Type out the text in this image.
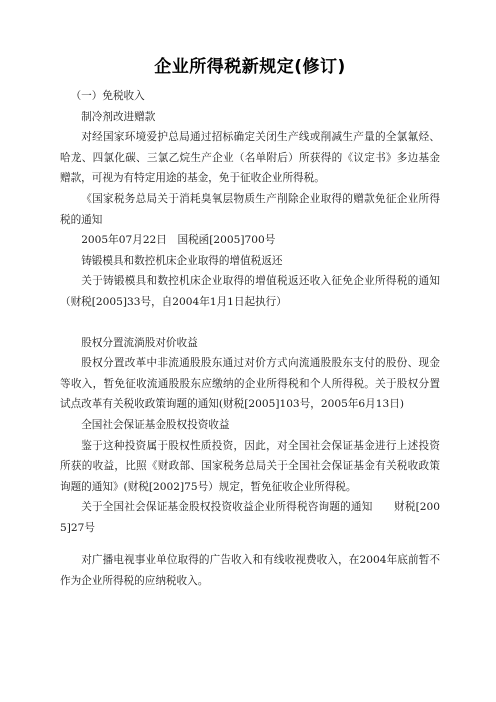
企业所得税新规定(修订)

（一）免税收入

制冷剂改进赠款

对经国家环境爱护总局通过招标确定关闭生产线或削减生产量的全氯氟烃、哈龙、四氯化碳、三氯乙烷生产企业（名单附后）所获得的《议定书》多边基金赠款，可视为有特定用途的基金，免于征收企业所得税。

《国家税务总局关于消耗臭氧层物质生产削除企业取得的赠款免征企业所得税的通知

2005年07月22日　国税函[2005]700号

铸锻模具和数控机床企业取得的增值税返还

关于铸锻模具和数控机床企业取得的增值税返还收入征免企业所得税的通知（财税[2005]33号，自2004年1月1日起执行）

股权分置流淌股对价收益

股权分置改革中非流通股股东通过对价方式向流通股股东支付的股份、现金等收入，暂免征收流通股股东应缴纳的企业所得税和个人所得税。关于股权分置试点改革有关税收政策询题的通知(财税[2005]103号，2005年6月13日)

全国社会保证基金股权投资收益

鉴于这种投资属于股权性质投资，因此，对全国社会保证基金进行上述投资所获的收益，比照《财政部、国家税务总局关于全国社会保证基金有关税收政策询题的通知》(财税[2002]75号）规定，暂免征收企业所得税。

关于全国社会保证基金股权投资收益企业所得税咨询题的通知　　财税[2005]27号

对广播电视事业单位取得的广告收入和有线收视费收入，在2004年底前暂不作为企业所得税的应纳税收入。
